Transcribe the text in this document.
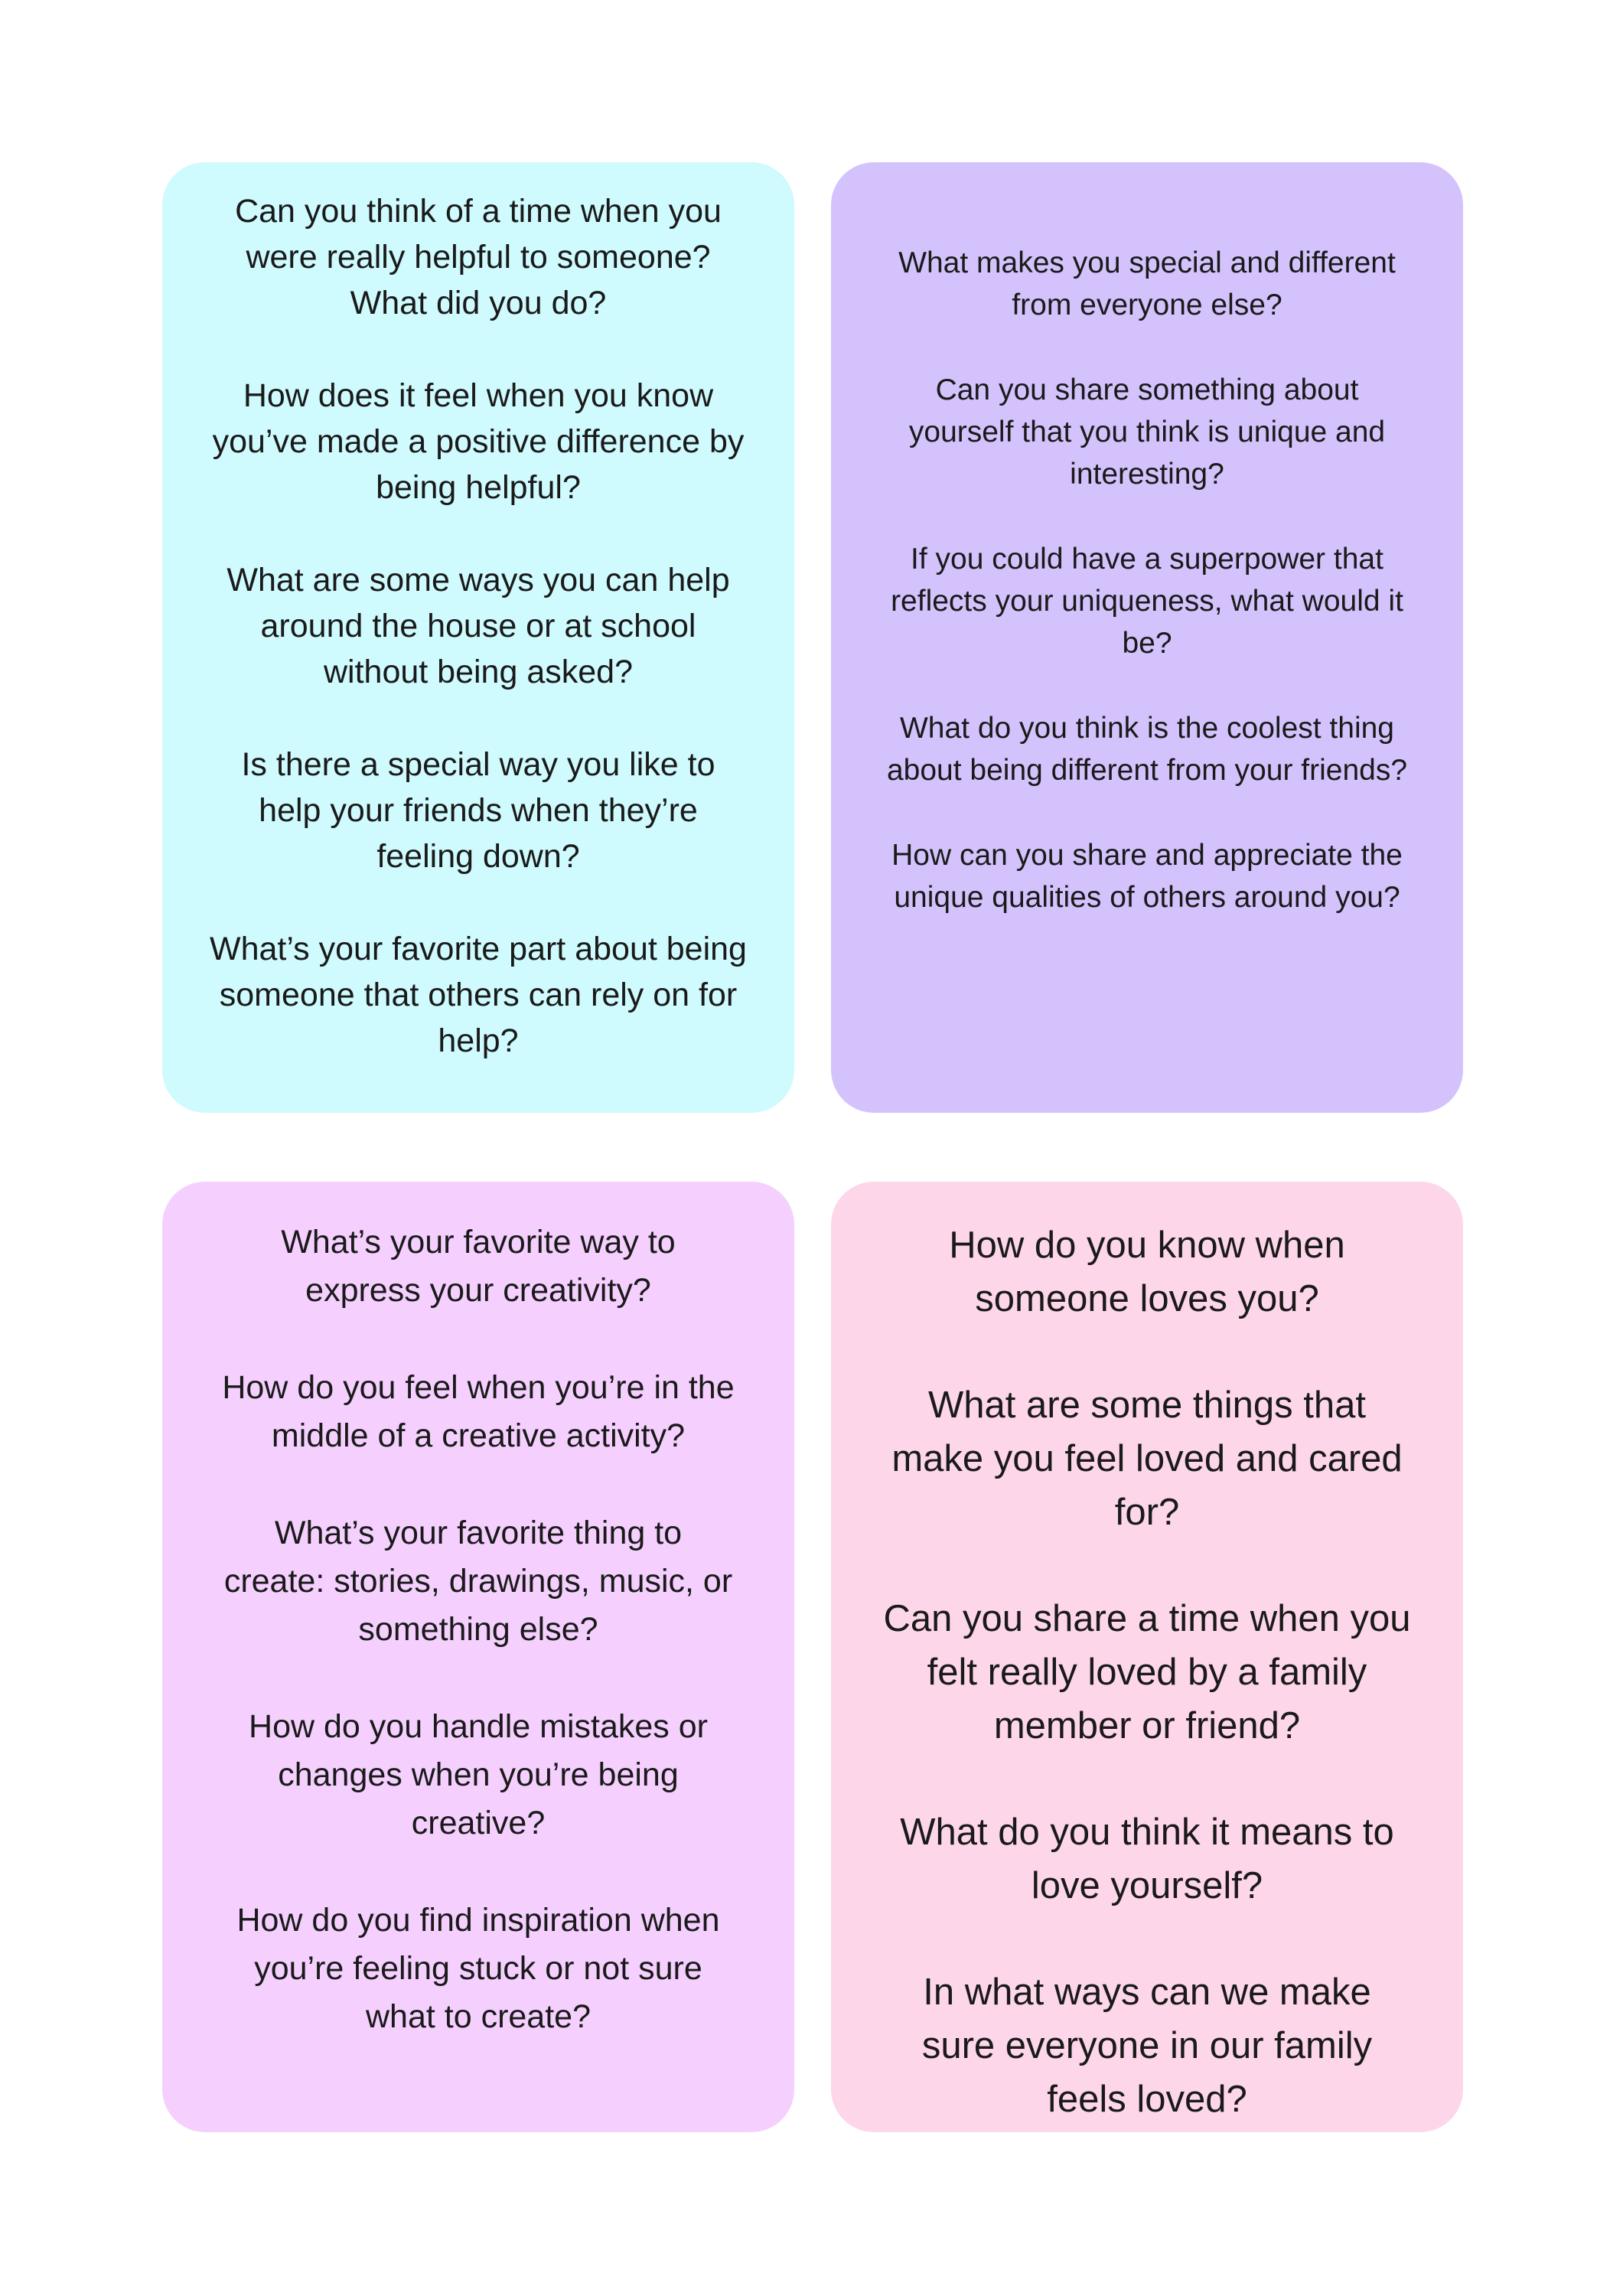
Can you think of a time when you
were really helpful to someone?
What did you do?

How does it feel when you know
you’ve made a positive difference by
being helpful?

What are some ways you can help
around the house or at school
without being asked?

Is there a special way you like to
help your friends when they’re
feeling down?

What’s your favorite part about being
someone that others can rely on for
help?

What makes you special and different
from everyone else?

Can you share something about
yourself that you think is unique and
interesting?

If you could have a superpower that
reflects your uniqueness, what would it
be?

What do you think is the coolest thing
about being different from your friends?

How can you share and appreciate the
unique qualities of others around you?

What’s your favorite way to
express your creativity?

How do you feel when you’re in the
middle of a creative activity?

What’s your favorite thing to
create: stories, drawings, music, or
something else?

How do you handle mistakes or
changes when you’re being
creative?

How do you find inspiration when
you’re feeling stuck or not sure
what to create?

How do you know when
someone loves you?

What are some things that
make you feel loved and cared
for?

Can you share a time when you
felt really loved by a family
member or friend?

What do you think it means to
love yourself?

In what ways can we make
sure everyone in our family
feels loved?
